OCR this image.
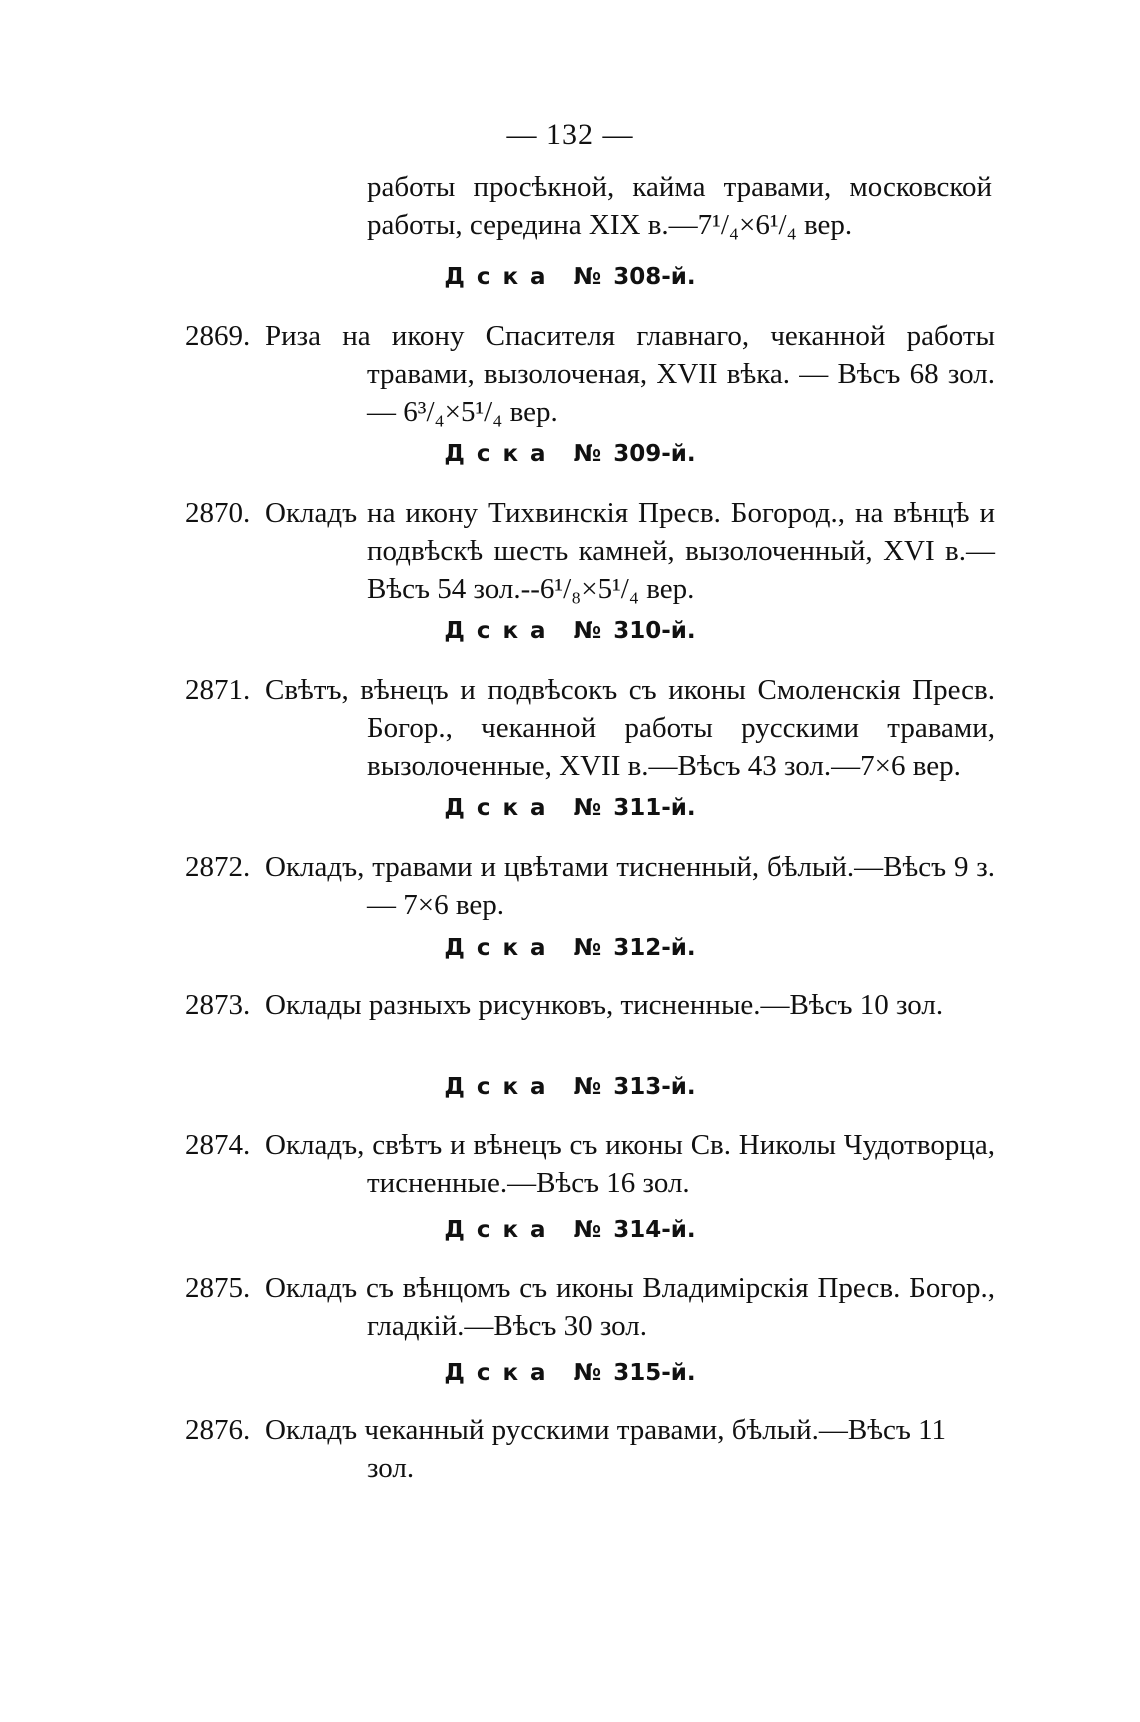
— 132 —
работы просѣкной, кайма травами, московской работы, середина XIX в.—7¹/₄×6¹/₄ вер.
Дска № 308-й.
2869. Риза на икону Спасителя главнаго, чеканной работы травами, вызолоченая, XVII вѣка. — Вѣсъ 68 зол.— 6³/₄×5¹/₄ вер.
Дска № 309-й.
2870. Окладъ на икону Тихвинскія Пресв. Богород., на вѣнцѣ и подвѣскѣ шесть камней, вызолоченный, XVI в.— Вѣсъ 54 зол.--6¹/₈×5¹/₄ вер.
Дска № 310-й.
2871. Свѣтъ, вѣнецъ и подвѣсокъ съ иконы Смоленскія Пресв. Богор., чеканной работы русскими травами, вызолоченные, XVII в.—Вѣсъ 43 зол.—7×6 вер.
Дска № 311-й.
2872. Окладъ, травами и цвѣтами тисненный, бѣлый.—Вѣсъ 9 з.— 7×6 вер.
Дска № 312-й.
2873. Оклады разныхъ рисунковъ, тисненные.—Вѣсъ 10 зол.
Дска № 313-й.
2874. Окладъ, свѣтъ и вѣнецъ съ иконы Св. Николы Чудотворца, тисненные.—Вѣсъ 16 зол.
Дска № 314-й.
2875. Окладъ съ вѣнцомъ съ иконы Владимірскія Пресв. Богор., гладкій.—Вѣсъ 30 зол.
Дска № 315-й.
2876. Окладъ чеканный русскими травами, бѣлый.—Вѣсъ 11 зол.
